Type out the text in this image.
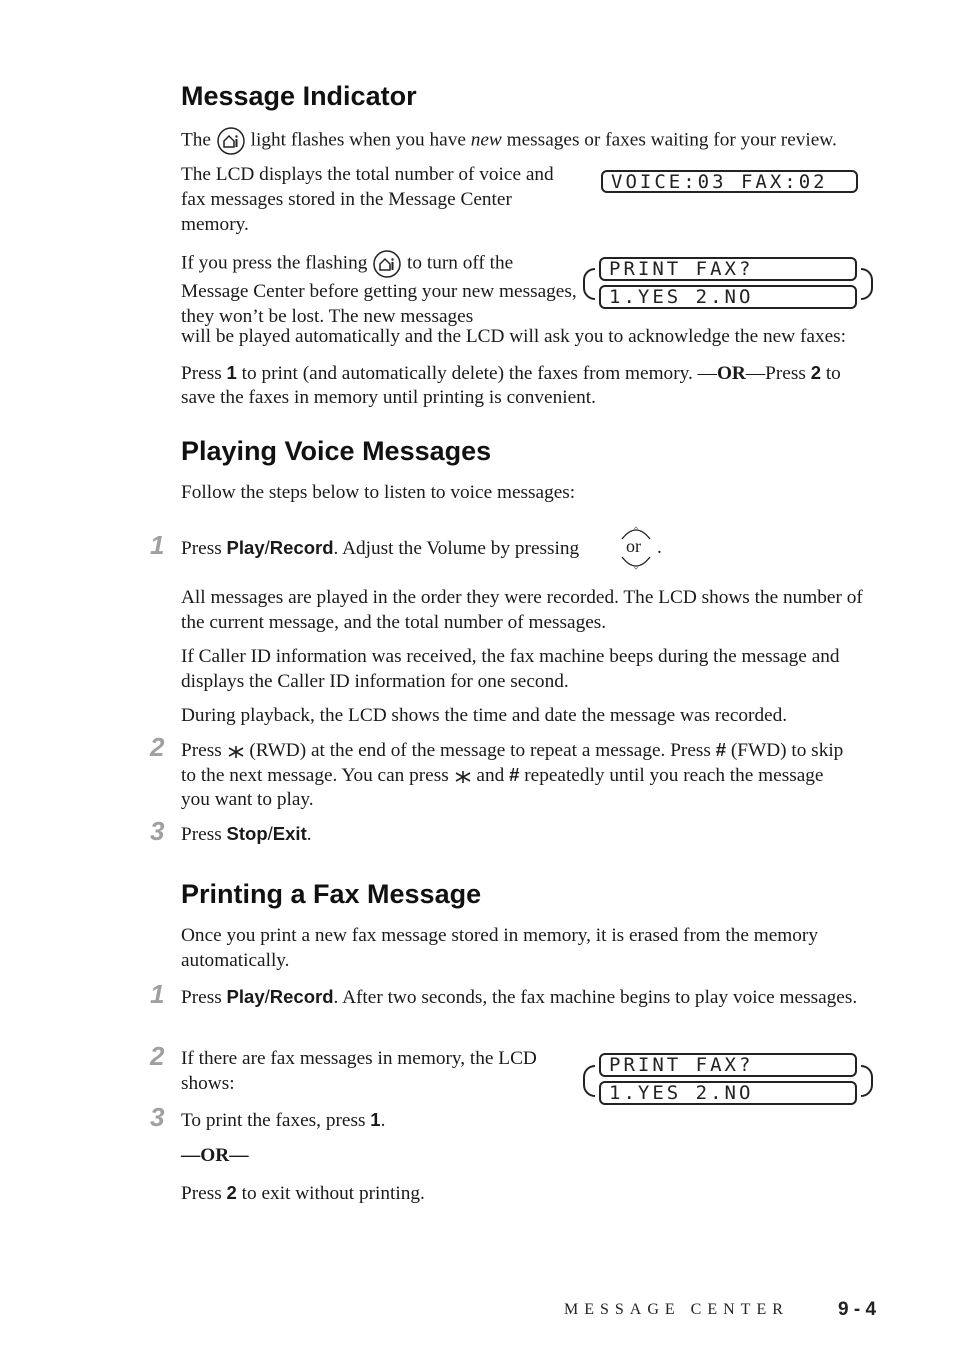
Message Indicator

The light flashes when you have new messages or faxes waiting for your review.

The LCD displays the total number of voice and fax messages stored in the Message Center memory.

VOICE:03 FAX:02

If you press the flashing to turn off the Message Center before getting your new messages, they won’t be lost. The new messages

will be played automatically and the LCD will ask you to acknowledge the new faxes:

PRINT FAX?
1.YES 2.NO

Press 1 to print (and automatically delete) the faxes from memory. —OR—Press 2 to

save the faxes in memory until printing is convenient.

Playing Voice Messages

Follow the steps below to listen to voice messages:

1 Press Play/Record. Adjust the Volume by pressing	or .

All messages are played in the order they were recorded. The LCD shows the number of the current message, and the total number of messages.

If Caller ID information was received, the fax machine beeps during the message and displays the Caller ID information for one second.

During playback, the LCD shows the time and date the message was recorded.

2 Press (RWD) at the end of the message to repeat a message. Press # (FWD) to skip

to the next message. You can press and # repeatedly until you reach the message

you want to play.

3 Press Stop/Exit.

Printing a Fax Message

Once you print a new fax message stored in memory, it is erased from the memory automatically.

1 Press Play/Record. After two seconds, the fax machine begins to play voice messages.

2 If there are fax messages in memory, the LCD shows:

PRINT FAX?
1.YES 2.NO
3 To print the faxes, press 1.

—OR—

Press 2 to exit without printing.

MESSAGE CENTER	9 - 4
